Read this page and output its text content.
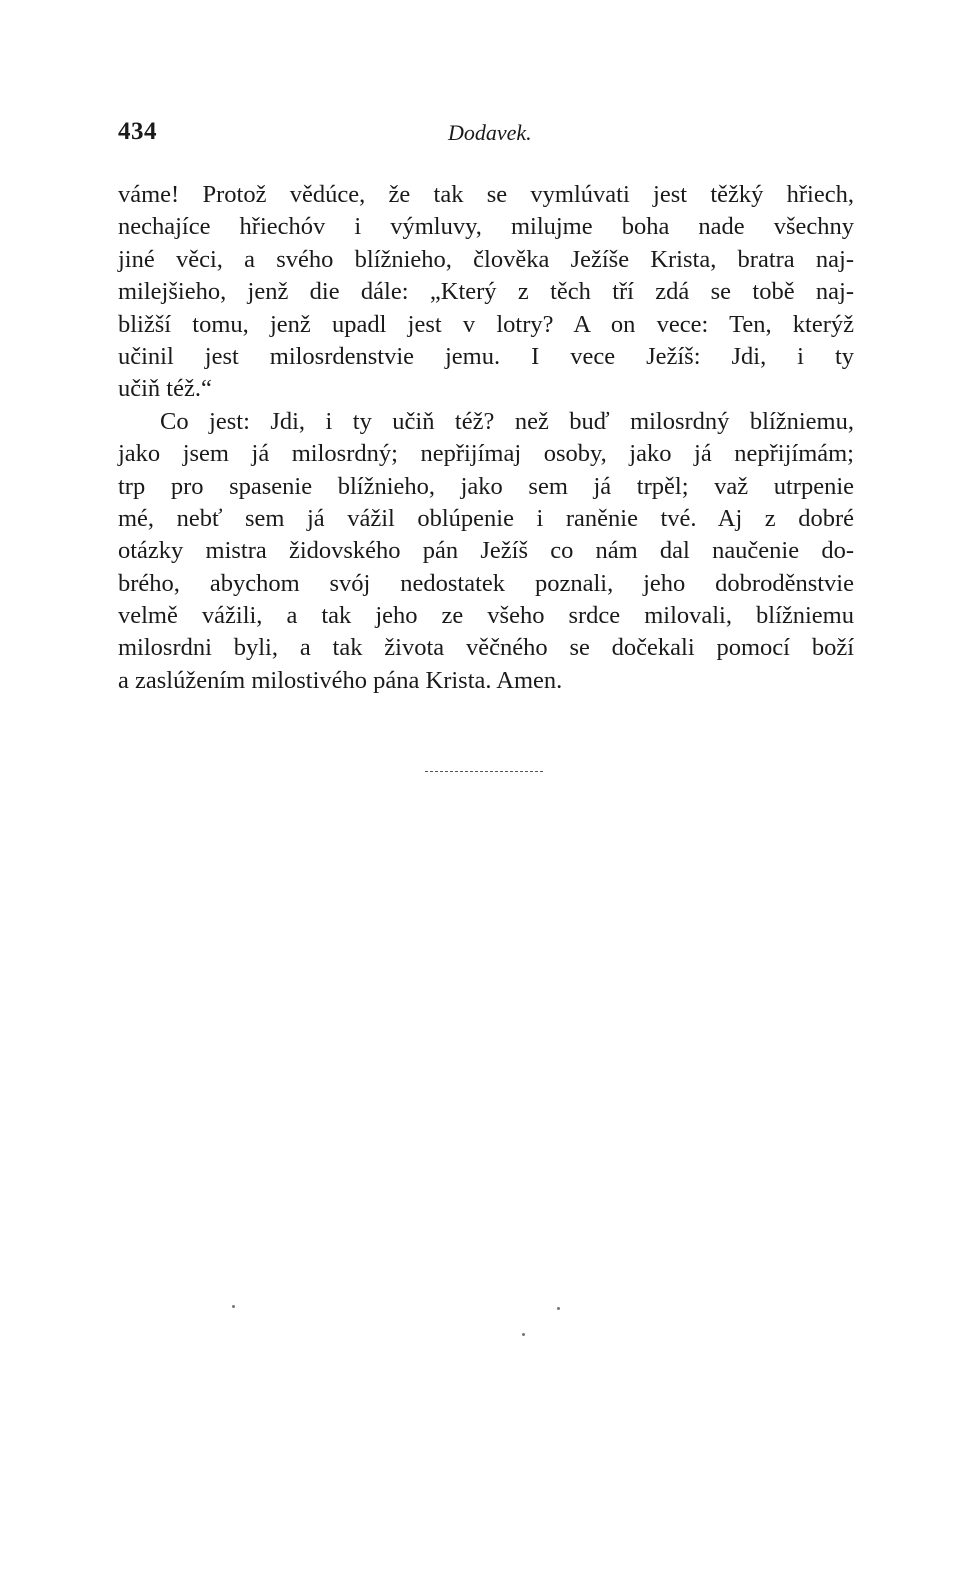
434	Dodavek.
váme! Protož vědúce, že tak se vymlúvati jest těžký hřiech,
nechajíce hřiechóv i výmluvy, milujme boha nade všechny
jiné věci, a svého blížnieho, člověka Ježíše Krista, bratra naj-
milejšieho, jenž die dále: „Který z těch tří zdá se tobě naj-
bližší tomu, jenž upadl jest v lotry? A on vece: Ten, kterýž
učinil jest milosrdenstvie jemu. I vece Ježíš: Jdi, i ty
učiň též.“
Co jest: Jdi, i ty učiň též? než buď milosrdný blížniemu,
jako jsem já milosrdný; nepřijímaj osoby, jako já nepřijímám;
trp pro spasenie blížnieho, jako sem já trpěl; važ utrpenie
mé, nebť sem já vážil oblúpenie i raněnie tvé. Aj z dobré
otázky mistra židovského pán Ježíš co nám dal naučenie do-
brého, abychom svój nedostatek poznali, jeho dobroděnstvie
velmě vážili, a tak jeho ze všeho srdce milovali, blížniemu
milosrdni byli, a tak života věčného se dočekali pomocí boží
a zaslúžením milostivého pána Krista. Amen.
